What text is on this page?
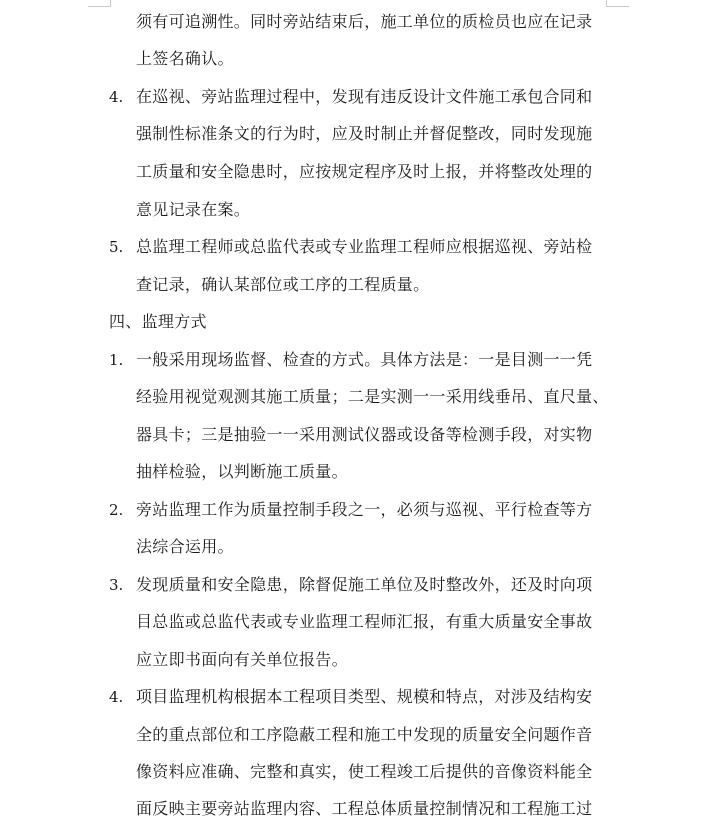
须有可追溯性。同时旁站结束后，施工单位的质检员也应在记录
上签名确认。
4. 在巡视、旁站监理过程中，发现有违反设计文件施工承包合同和
强制性标准条文的行为时，应及时制止并督促整改，同时发现施
工质量和安全隐患时，应按规定程序及时上报，并将整改处理的
意见记录在案。
5. 总监理工程师或总监代表或专业监理工程师应根据巡视、旁站检
查记录，确认某部位或工序的工程质量。
四、监理方式
1. 一般采用现场监督、检查的方式。具体方法是：一是目测一一凭
经验用视觉观测其施工质量；二是实测一一采用线垂吊、直尺量、
器具卡；三是抽验一一采用测试仪器或设备等检测手段，对实物
抽样检验，以判断施工质量。
2. 旁站监理工作为质量控制手段之一，必须与巡视、平行检查等方
法综合运用。
3. 发现质量和安全隐患，除督促施工单位及时整改外，还及时向项
目总监或总监代表或专业监理工程师汇报，有重大质量安全事故
应立即书面向有关单位报告。
4. 项目监理机构根据本工程项目类型、规模和特点，对涉及结构安
全的重点部位和工序隐蔽工程和施工中发现的质量安全问题作音
像资料应准确、完整和真实，使工程竣工后提供的音像资料能全
面反映主要旁站监理内容、工程总体质量控制情况和工程施工过
